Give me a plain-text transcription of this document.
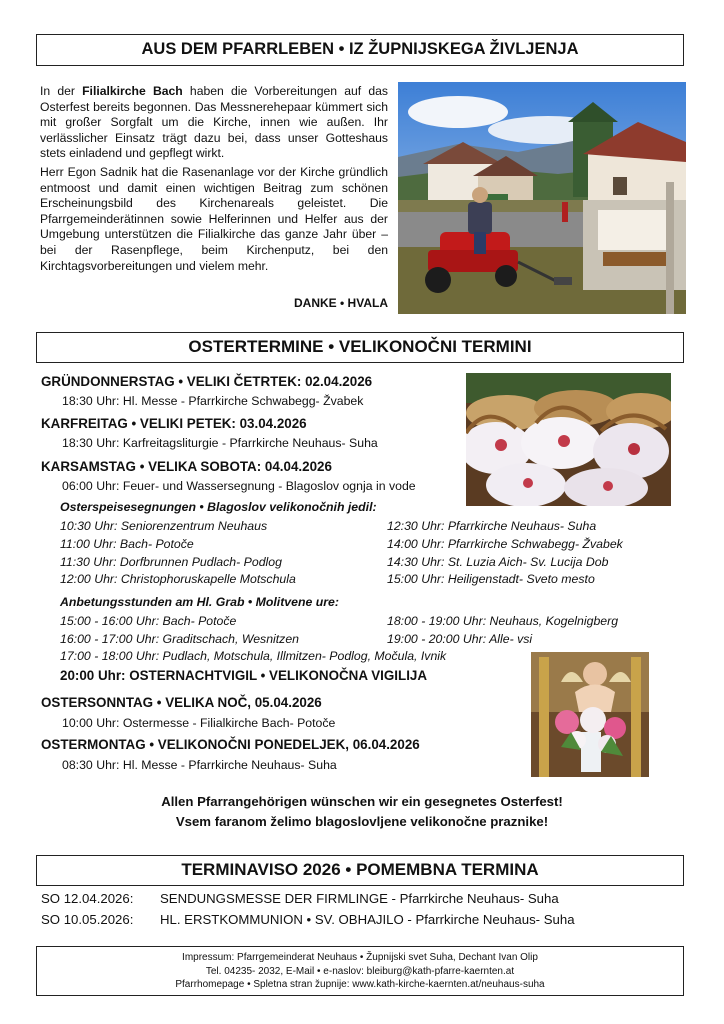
AUS DEM PFARRLEBEN • IZ ŽUPNIJSKEGA ŽIVLJENJA

In der Filialkirche Bach haben die Vorbereitungen auf das Osterfest bereits begonnen. Das Messnerehepaar kümmert sich mit großer Sorgfalt um die Kirche, innen wie außen. Ihr verlässlicher Einsatz trägt dazu bei, dass unser Gotteshaus stets einladend und gepflegt wirkt.

Herr Egon Sadnik hat die Rasenanlage vor der Kirche gründlich entmoost und damit einen wichtigen Beitrag zum schönen Erscheinungsbild des Kirchenareals geleistet. Die Pfarrgemeinderätinnen sowie Helferinnen und Helfer aus der Umgebung unterstützen die Filialkirche das ganze Jahr über – bei der Rasenpflege, beim Kirchenputz, bei den Kirchtagsvorbereitungen und vielem mehr.

DANKE • HVALA
OSTERTERMINE • VELIKONOČNI TERMINI
GRÜNDONNERSTAG • VELIKI ČETRTEK: 02.04.2026
18:30 Uhr: Hl. Messe - Pfarrkirche Schwabegg- Žvabek
KARFREITAG • VELIKI PETEK: 03.04.2026
18:30 Uhr: Karfreitagsliturgie - Pfarrkirche Neuhaus- Suha
KARSAMSTAG • VELIKA SOBOTA: 04.04.2026
06:00 Uhr: Feuer- und Wassersegnung - Blagoslov ognja in vode
Osterspeisesegnungen • Blagoslov velikonočnih jedil:
10:30 Uhr: Seniorenzentrum Neuhaus
11:00 Uhr: Bach- Potoče
11:30 Uhr: Dorfbrunnen Pudlach- Podlog
12:00 Uhr: Christophoruskapelle Motschula
12:30 Uhr: Pfarrkirche Neuhaus- Suha
14:00 Uhr: Pfarrkirche Schwabegg- Žvabek
14:30 Uhr: St. Luzia Aich- Sv. Lucija Dob
15:00 Uhr: Heiligenstadt- Sveto mesto
Anbetungsstunden am Hl. Grab • Molitvene ure:
15:00 - 16:00 Uhr: Bach- Potoče
16:00 - 17:00 Uhr: Graditschach, Wesnitzen
18:00 - 19:00 Uhr: Neuhaus, Kogelnigberg
19:00 - 20:00 Uhr: Alle- vsi
17:00 - 18:00 Uhr: Pudlach, Motschula, Illmitzen- Podlog, Močula, Ivnik
20:00 Uhr: OSTERNACHTVIGIL • VELIKONOČNA VIGILIJA
OSTERSONNTAG • VELIKA NOČ, 05.04.2026
10:00 Uhr: Ostermesse - Filialkirche Bach- Potoče
OSTERMONTAG • VELIKONOČNI PONEDELJEK, 06.04.2026
08:30 Uhr: Hl. Messe - Pfarrkirche Neuhaus- Suha
Allen Pfarrangehörigen wünschen wir ein gesegnetes Osterfest!
Vsem faranom želimo blagoslovljene velikonočne praznike!
TERMINAVISO 2026 • POMEMBNA TERMINA
SO 12.04.2026: SENDUNGSMESSE DER FIRMLINGE - Pfarrkirche Neuhaus- Suha
SO 10.05.2026: HL. ERSTKOMMUNION • SV. OBHAJILO - Pfarrkirche Neuhaus- Suha
Impressum: Pfarrgemeinderat Neuhaus • Župnijski svet Suha, Dechant Ivan Olip
Tel. 04235- 2032, E-Mail • e-naslov: bleiburg@kath-pfarre-kaernten.at
Pfarrhomepage • Spletna stran župnije: www.kath-kirche-kaernten.at/neuhaus-suha
